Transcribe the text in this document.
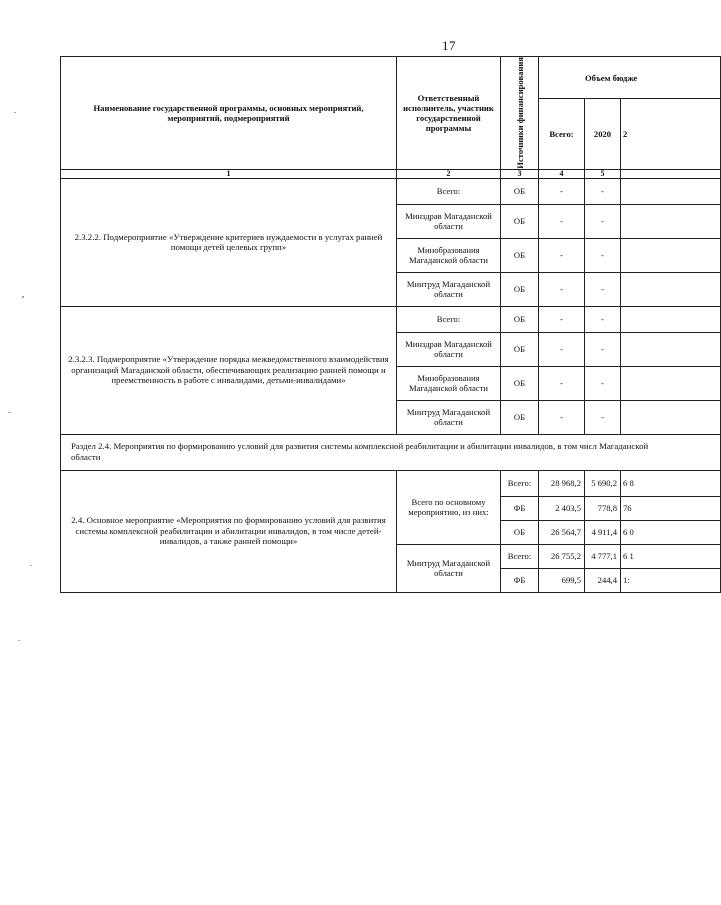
17
Наименование государственной программы, основных мероприятий, мероприятий, подмероприятий	Ответственный исполнитель, участник государственной программы	Источники финансирования	Объем бюдже		
			Всего:	2020	2
1	2	3	4	5	
2.3.2.2. Подмероприятие «Утверждение критериев нуждаемости в услугах ранней помощи детей целевых групп»	Всего:	ОБ	-	-	
	Минздрав Магаданской области	ОБ	-	-	
	Минобразования Магаданской области	ОБ	-	-	
	Минтруд Магаданской области	ОБ	-	-	
2.3.2.3. Подмероприятие «Утверждение порядка межведомственного взаимодействия организаций Магаданской области, обеспечивающих реализацию ранней помощи и преемственность в работе с инвалидами, детьми-инвалидами»	Всего:	ОБ	-	-	
	Минздрав Магаданской области	ОБ	-	-	
	Минобразования Магаданской области	ОБ	-	-	
	Минтруд Магаданской области	ОБ	-	-	
Раздел 2.4. Мероприятия по формированию условий для развития системы комплексной реабилитации и абилитации инвалидов, в том числ Магаданской области					
2.4. Основное мероприятие «Мероприятия по формированию условий для развития системы комплексной реабилитации и абилитации инвалидов, в том числе детей-инвалидов, а также ранней помощи»	Всего по основному мероприятию, из них:	Всего:	28 968,2	5 690,2	6 8
		ФБ	2 403,5	778,8	76
		ОБ	26 564,7	4 911,4	6 0
	Минтруд Магаданской области	Всего:	26 755,2	4 777,1	6 1
		ФБ	699,5	244,4	1:
